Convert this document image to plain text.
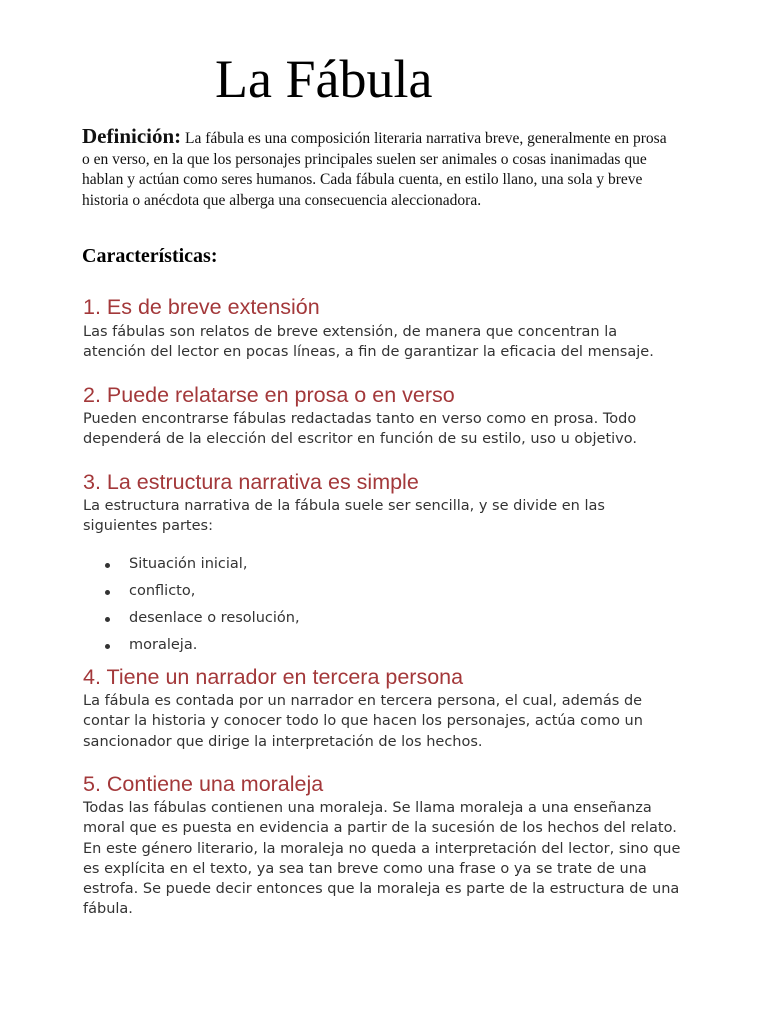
La Fábula

Definición: La fábula es una composición literaria narrativa breve, generalmente en prosa o en verso, en la que los personajes principales suelen ser animales o cosas inanimadas que hablan y actúan como seres humanos. Cada fábula cuenta, en estilo llano, una sola y breve historia o anécdota que alberga una consecuencia aleccionadora.

Características:
1. Es de breve extensión

Las fábulas son relatos de breve extensión, de manera que concentran la atención del lector en pocas líneas, a fin de garantizar la eficacia del mensaje.

2. Puede relatarse en prosa o en verso

Pueden encontrarse fábulas redactadas tanto en verso como en prosa. Todo dependerá de la elección del escritor en función de su estilo, uso u objetivo.

3. La estructura narrativa es simple

La estructura narrativa de la fábula suele ser sencilla, y se divide en las siguientes partes:

Situación inicial,
conflicto,
desenlace o resolución,
moraleja.
4. Tiene un narrador en tercera persona

La fábula es contada por un narrador en tercera persona, el cual, además de contar la historia y conocer todo lo que hacen los personajes, actúa como un sancionador que dirige la interpretación de los hechos.

5. Contiene una moraleja

Todas las fábulas contienen una moraleja. Se llama moraleja a una enseñanza moral que es puesta en evidencia a partir de la sucesión de los hechos del relato. En este género literario, la moraleja no queda a interpretación del lector, sino que es explícita en el texto, ya sea tan breve como una frase o ya se trate de una estrofa. Se puede decir entonces que la moraleja es parte de la estructura de una fábula.
